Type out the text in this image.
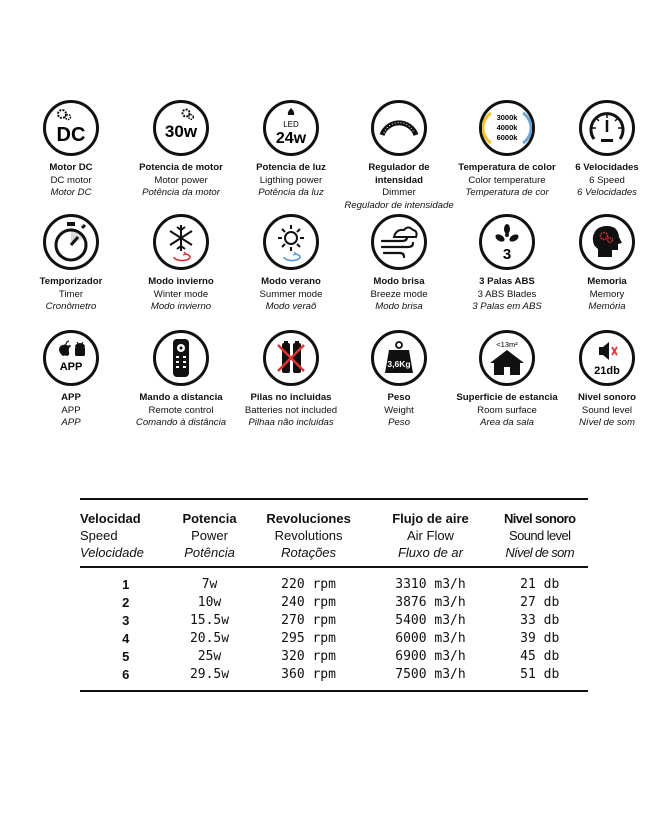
DC
Motor DC
DC motor
Motor DC
30w
Potencia de motor
Motor power
Potência da motor
LED
24w
Potencia de luz
Ligthing power
Potência da luz
Regulador de intensidad
Dimmer
Regulador de intensidade
3000k
4000k
6000k
Temperatura de color
Color temperature
Temperatura de cor
6 Velocidades
6 Speed
6 Velocidades
Temporizador
Timer
Cronômetro
Modo invierno
Winter mode
Modo invierno
Modo verano
Summer mode
Modo veraõ
Modo brisa
Breeze mode
Modo brisa
3
3 Palas ABS
3 ABS Blades
3 Palas em ABS
Memoria
Memory
Memória
APP
APP
APP
APP
Mando a distancia
Remote control
Comando à distância
Pilas no incluidas
Batteries not included
Pilhaa não incluidas
3,6Kg
Peso
Weight
Peso
<13m²
Superficie de estancia
Room surface
Area da sala
21db
Nivel sonoro
Sound level
Nível de som
Velocidad
Speed
Velocidade

Potencia
Power
Potência

Revoluciones
Revolutions
Rotações

Flujo de aire
Air Flow
Fluxo de ar

Nivel sonoro
Sound level
Nível de som
1	7w	220 rpm	3310 m3/h	21 db
2	10w	240 rpm	3876 m3/h	27 db
3	15.5w	270 rpm	5400 m3/h	33 db
4	20.5w	295 rpm	6000 m3/h	39 db
5	25w	320 rpm	6900 m3/h	45 db
6	29.5w	360 rpm	7500 m3/h	51 db
